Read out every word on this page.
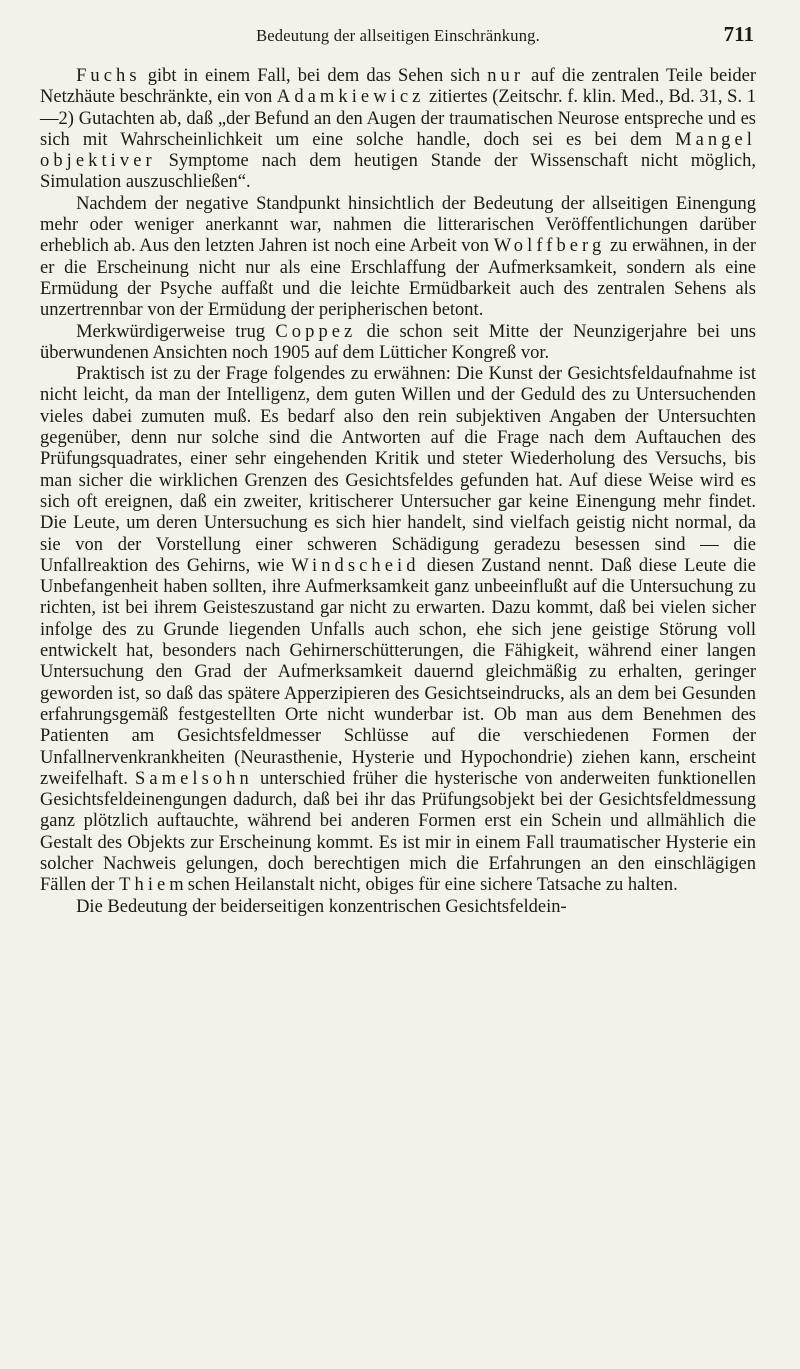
Bedeutung der allseitigen Einschränkung.	711

Fuchs gibt in einem Fall, bei dem das Sehen sich nur auf die zentralen Teile beider Netzhäute beschränkte, ein von Adamkiewicz zitiertes (Zeitschr. f. klin. Med., Bd. 31, S. 1—2) Gutachten ab, daß „der Befund an den Augen der traumatischen Neurose entspreche und es sich mit Wahrscheinlichkeit um eine solche handle, doch sei es bei dem Mangel objektiver Symptome nach dem heutigen Stande der Wissenschaft nicht möglich, Simulation auszuschließen“.

Nachdem der negative Standpunkt hinsichtlich der Bedeutung der allseitigen Einengung mehr oder weniger anerkannt war, nahmen die litterarischen Veröffentlichungen darüber erheblich ab. Aus den letzten Jahren ist noch eine Arbeit von Wolffberg zu erwähnen, in der er die Erscheinung nicht nur als eine Erschlaffung der Aufmerksamkeit, sondern als eine Ermüdung der Psyche auffaßt und die leichte Ermüdbarkeit auch des zentralen Sehens als unzertrennbar von der Ermüdung der peripherischen betont.

Merkwürdigerweise trug Coppez die schon seit Mitte der Neunzigerjahre bei uns überwundenen Ansichten noch 1905 auf dem Lütticher Kongreß vor.

Praktisch ist zu der Frage folgendes zu erwähnen: Die Kunst der Gesichtsfeldaufnahme ist nicht leicht, da man der Intelligenz, dem guten Willen und der Geduld des zu Untersuchenden vieles dabei zumuten muß. Es bedarf also den rein subjektiven Angaben der Untersuchten gegenüber, denn nur solche sind die Antworten auf die Frage nach dem Auftauchen des Prüfungsquadrates, einer sehr eingehenden Kritik und steter Wiederholung des Versuchs, bis man sicher die wirklichen Grenzen des Gesichtsfeldes gefunden hat. Auf diese Weise wird es sich oft ereignen, daß ein zweiter, kritischerer Untersucher gar keine Einengung mehr findet. Die Leute, um deren Untersuchung es sich hier handelt, sind vielfach geistig nicht normal, da sie von der Vorstellung einer schweren Schädigung geradezu besessen sind — die Unfallreaktion des Gehirns, wie Windscheid diesen Zustand nennt. Daß diese Leute die Unbefangenheit haben sollten, ihre Aufmerksamkeit ganz unbeeinflußt auf die Untersuchung zu richten, ist bei ihrem Geisteszustand gar nicht zu erwarten. Dazu kommt, daß bei vielen sicher infolge des zu Grunde liegenden Unfalls auch schon, ehe sich jene geistige Störung voll entwickelt hat, besonders nach Gehirnerschütterungen, die Fähigkeit, während einer langen Untersuchung den Grad der Aufmerksamkeit dauernd gleichmäßig zu erhalten, geringer geworden ist, so daß das spätere Apperzipieren des Gesichtseindrucks, als an dem bei Gesunden erfahrungsgemäß festgestellten Orte nicht wunderbar ist. Ob man aus dem Benehmen des Patienten am Gesichtsfeldmesser Schlüsse auf die verschiedenen Formen der Unfallnervenkrankheiten (Neurasthenie, Hysterie und Hypochondrie) ziehen kann, erscheint zweifelhaft. Samelsohn unterschied früher die hysterische von anderweiten funktionellen Gesichtsfeldeinengungen dadurch, daß bei ihr das Prüfungsobjekt bei der Gesichtsfeldmessung ganz plötzlich auftauchte, während bei anderen Formen erst ein Schein und allmählich die Gestalt des Objekts zur Erscheinung kommt. Es ist mir in einem Fall traumatischer Hysterie ein solcher Nachweis gelungen, doch berechtigen mich die Erfahrungen an den einschlägigen Fällen der Thiemschen Heilanstalt nicht, obiges für eine sichere Tatsache zu halten.

Die Bedeutung der beiderseitigen konzentrischen Gesichtsfeldein-
